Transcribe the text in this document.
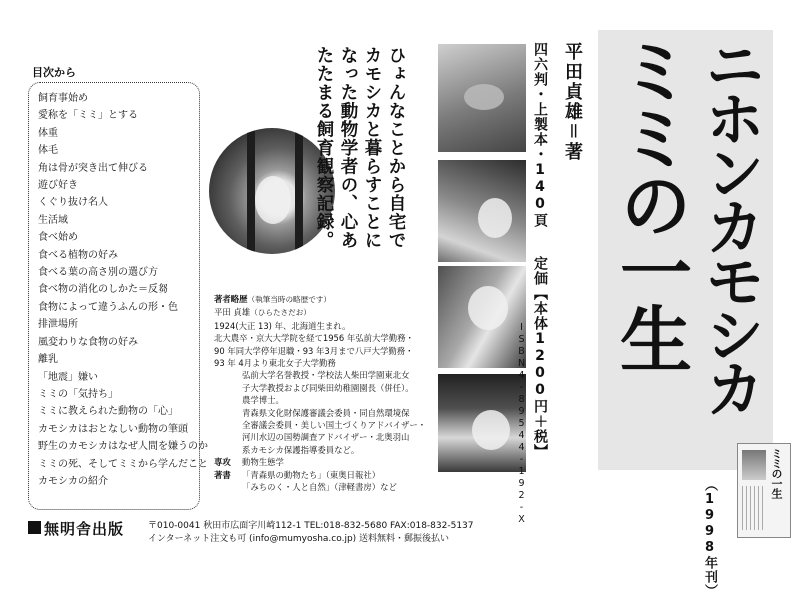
目次から
飼育事始め
愛称を「ミミ」とする
体重
体毛
角は骨が突き出て伸びる
遊び好き
くぐり抜け名人
生活域
食べ始め
食べる植物の好み
食べる葉の高さ別の選び方
食べ物の消化のしかた＝反芻
食物によって違うふんの形・色
排泄場所
風変わりな食物の好み
離乳
「地震」嫌い
ミミの「気持ち」
ミミに教えられた動物の「心」
カモシカはおとなしい動物の筆頭
野生のカモシカはなぜ人間を嫌うのか
ミミの死、そしてミミから学んだこと
カモシカの紹介
無明舎出版	〒010-0041 秋田市広面字川崎112-1 TEL:018-832-5680 FAX:018-832-5137
インターネット注文も可 (info@mumyosha.co.jp) 送料無料・郵振後払い
ひょんなことから自宅で
カモシカと暮らすことに
なった動物学者の、心あ
たたまる飼育観察記録。
著者略歴（執筆当時の略歴です）
平田 貞雄（ひらたさだお）
1924(大正 13) 年、北海道生まれ。
北大農卒・京大大学院を経て1956 年弘前大学勤務・
90 年同大学停年退職・93 年3月まで八戸大学勤務・
93 年 4月より東北女子大学勤務
弘前大学名誉教授・学校法人柴田学園東北女
子大学教授および同柴田幼稚園園長（併任）。
農学博士。
青森県文化財保護審議会委員・同自然環境保
全審議会委員・美しい国土づくりアドバイザー・
河川水辺の国勢調査アドバイザー・北奥羽山
系カモシカ保護指導委員など。
専攻	動物生態学
著書	「青森県の動物たち」（東奥日報社）
「みちのく・人と自然」（津軽書房）など
平田貞雄＝著
四六判・上製本・140頁
定価【本体1200円＋税】
ISBN4-89544-192-X
ニホンカモシカ
ミミの一生
（1998年刊）
ミミの一生
